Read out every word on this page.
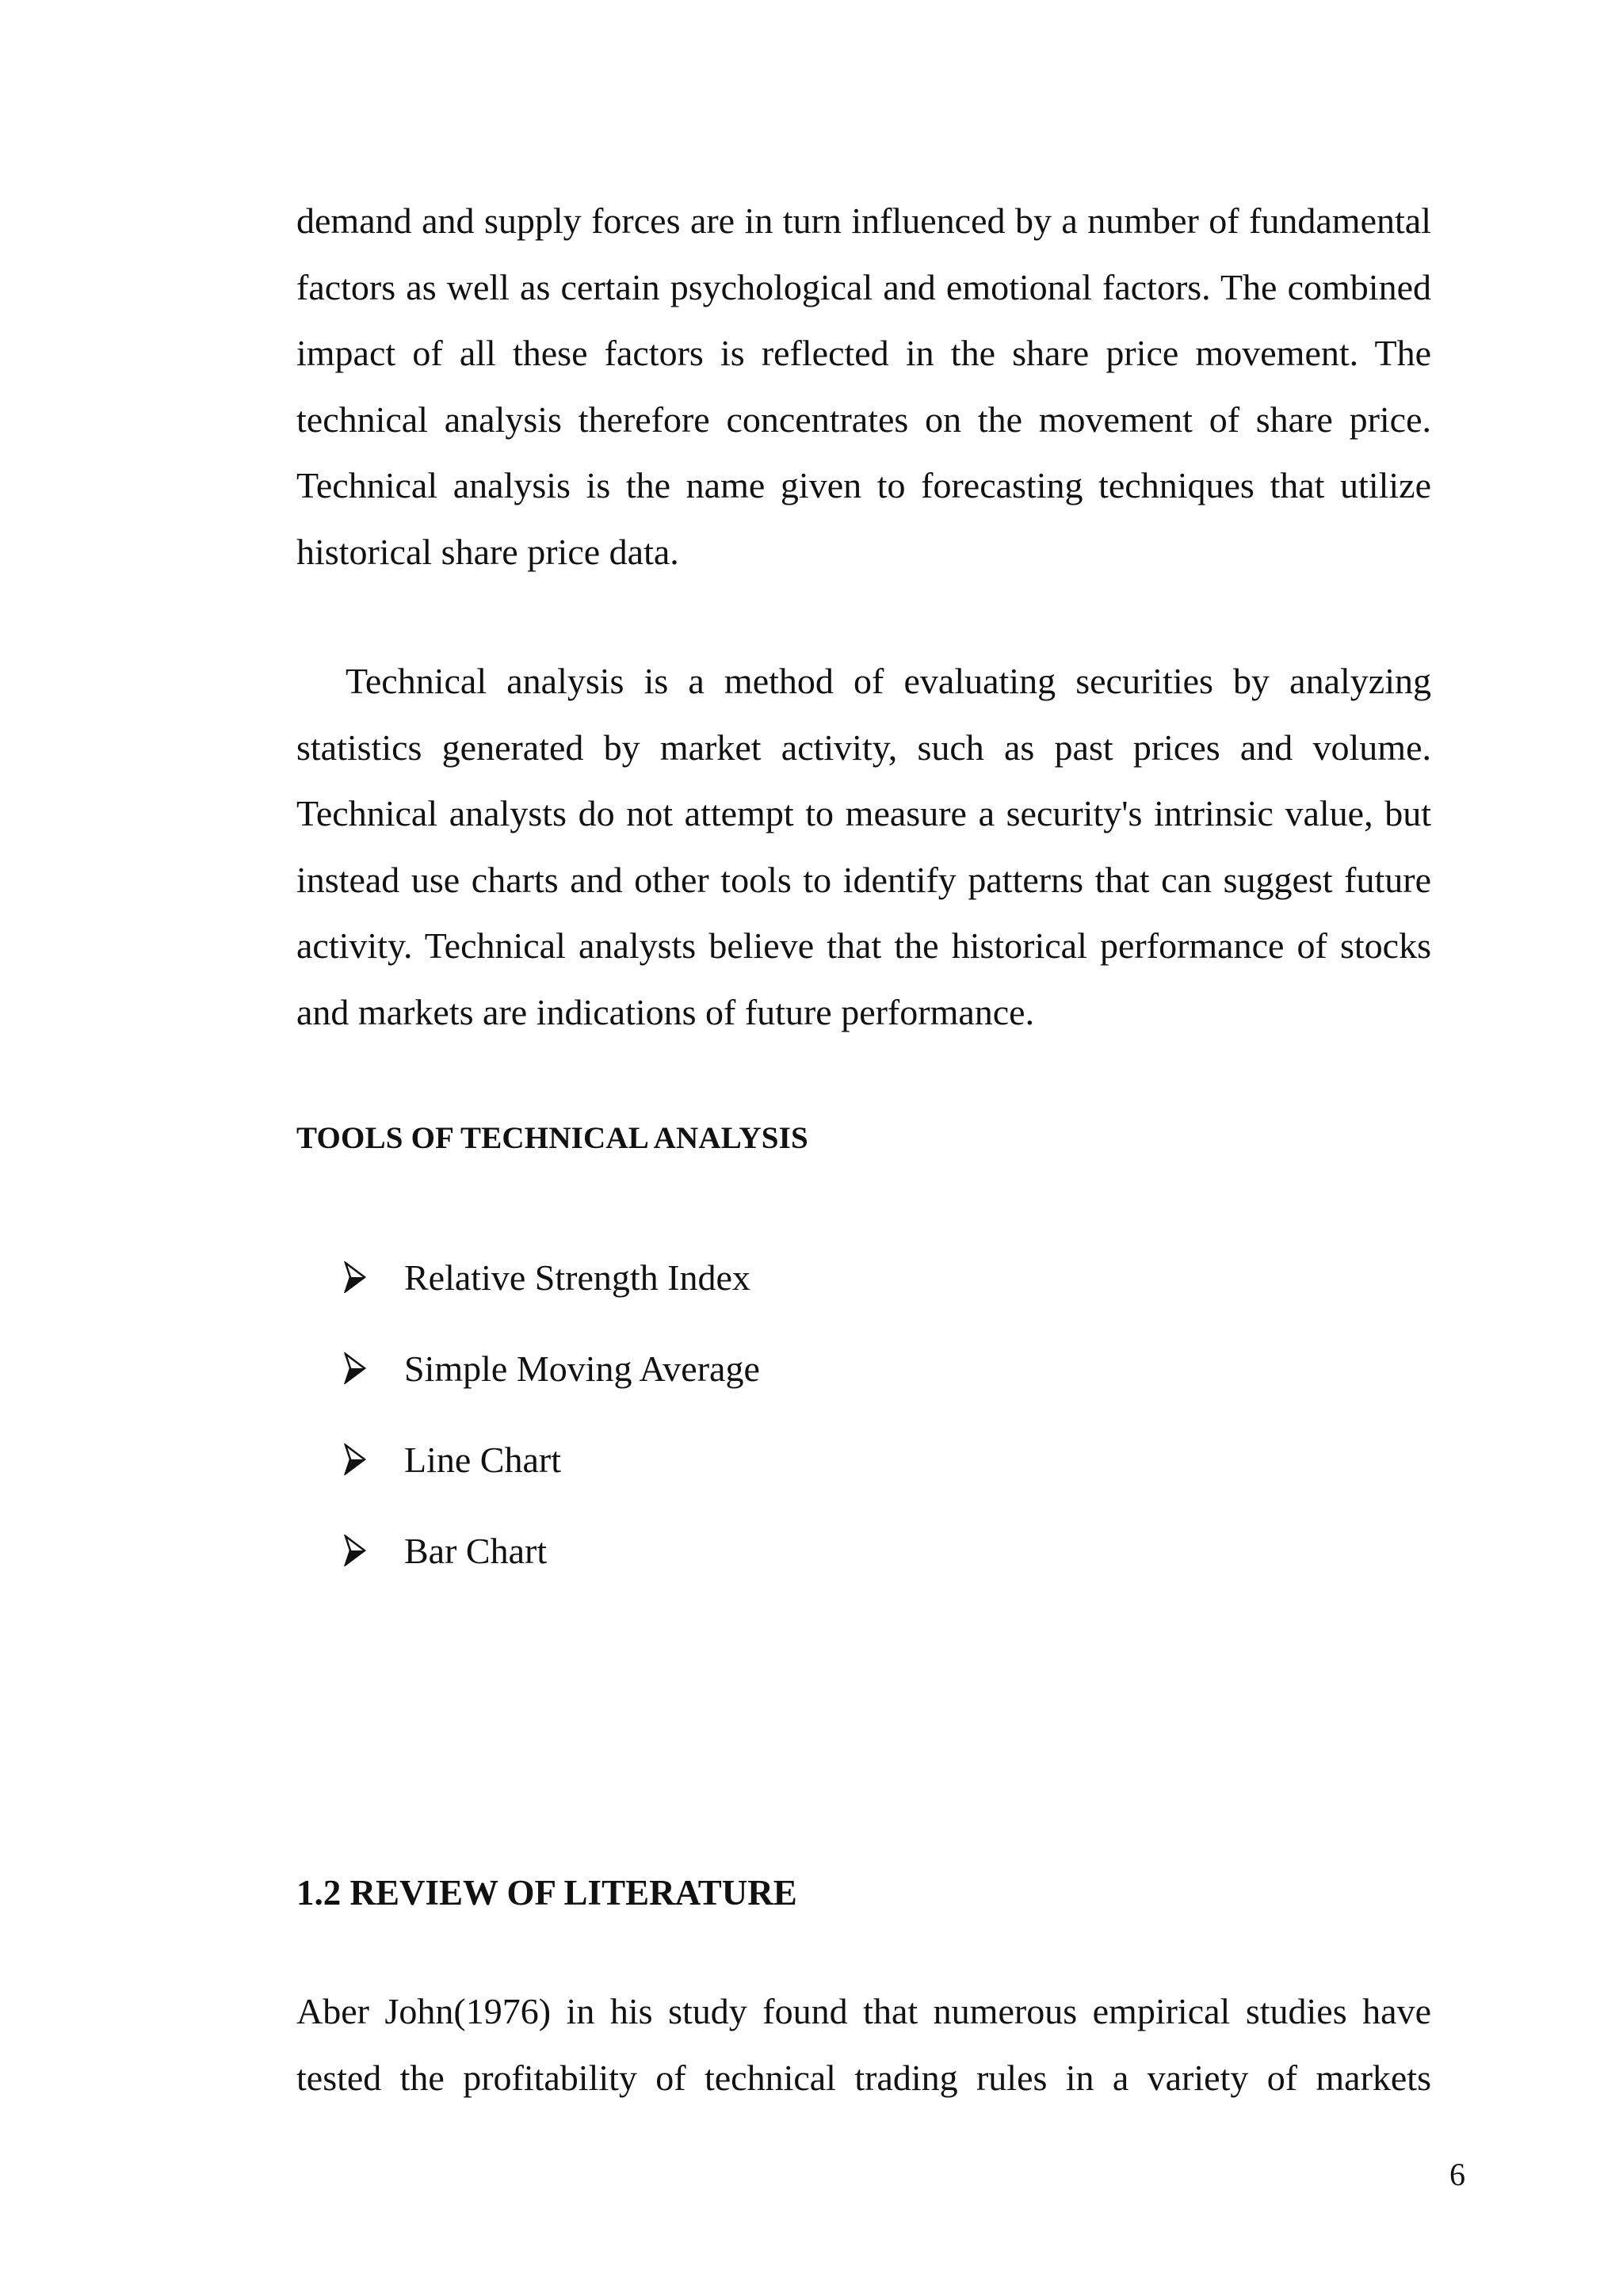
demand and supply forces are in turn influenced by a number of fundamental factors as well as certain psychological and emotional factors. The combined impact of all these factors is reflected in the share price movement. The technical analysis therefore concentrates on the movement of share price. Technical analysis is the name given to forecasting techniques that utilize historical share price data.

Technical analysis is a method of evaluating securities by analyzing statistics generated by market activity, such as past prices and volume. Technical analysts do not attempt to measure a security's intrinsic value, but instead use charts and other tools to identify patterns that can suggest future activity. Technical analysts believe that the historical performance of stocks and markets are indications of future performance.

TOOLS OF TECHNICAL ANALYSIS
Relative Strength Index
Simple Moving Average
Line Chart
Bar Chart
1.2 REVIEW OF LITERATURE

Aber John(1976) in his study found that numerous empirical studies have tested the profitability of technical trading rules in a variety of markets

6
